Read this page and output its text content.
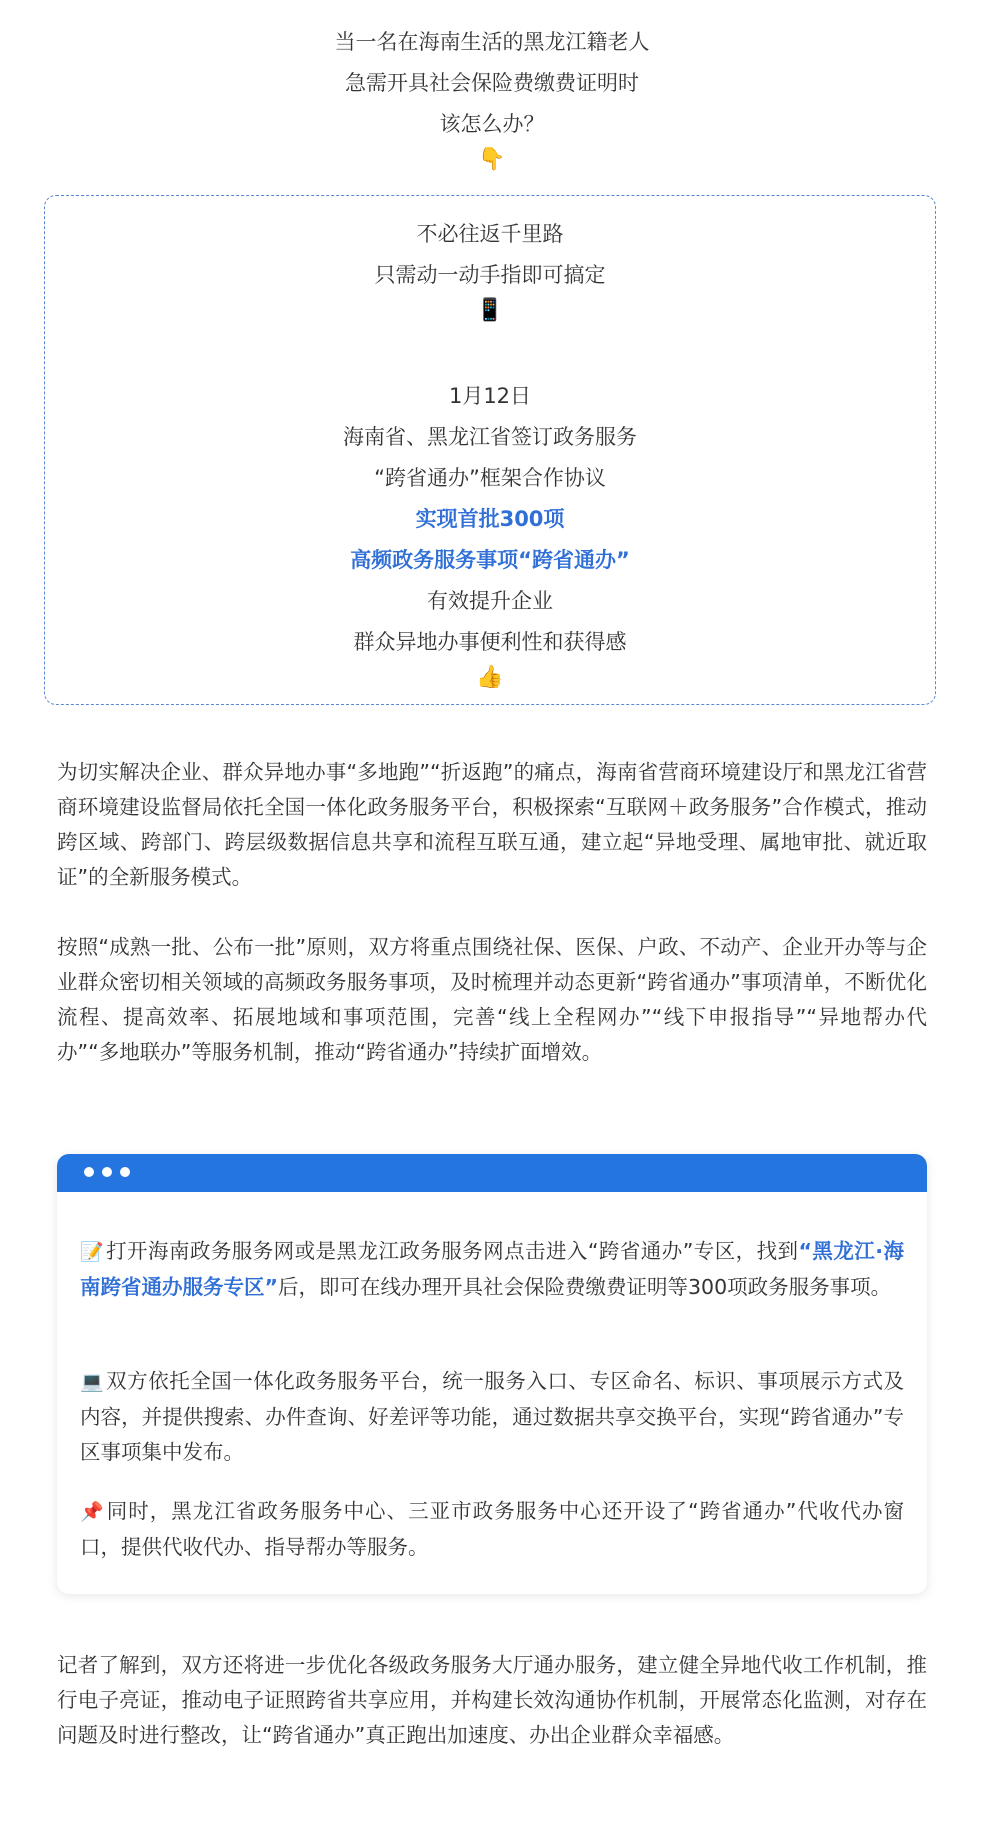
当一名在海南生活的黑龙江籍老人

急需开具社会保险费缴费证明时

该怎么办？

👇

不必往返千里路

只需动一动手指即可搞定

📱

1月12日

海南省、黑龙江省签订政务服务

“跨省通办”框架合作协议

实现首批300项

高频政务服务事项“跨省通办”

有效提升企业

群众异地办事便利性和获得感

👍

为切实解决企业、群众异地办事“多地跑”“折返跑”的痛点，海南省营商环境建设厅和黑龙江省营商环境建设监督局依托全国一体化政务服务平台，积极探索“互联网＋政务服务”合作模式，推动跨区域、跨部门、跨层级数据信息共享和流程互联互通，建立起“异地受理、属地审批、就近取证”的全新服务模式。

按照“成熟一批、公布一批”原则，双方将重点围绕社保、医保、户政、不动产、企业开办等与企业群众密切相关领域的高频政务服务事项，及时梳理并动态更新“跨省通办”事项清单，不断优化流程、提高效率、拓展地域和事项范围，完善“线上全程网办”“线下申报指导”“异地帮办代办”“多地联办”等服务机制，推动“跨省通办”持续扩面增效。

📝打开海南政务服务网或是黑龙江政务服务网点击进入“跨省通办”专区，找到“黑龙江·海南跨省通办服务专区”后，即可在线办理开具社会保险费缴费证明等300项政务服务事项。

💻双方依托全国一体化政务服务平台，统一服务入口、专区命名、标识、事项展示方式及内容，并提供搜索、办件查询、好差评等功能，通过数据共享交换平台，实现“跨省通办”专区事项集中发布。

📌同时，黑龙江省政务服务中心、三亚市政务服务中心还开设了“跨省通办”代收代办窗口，提供代收代办、指导帮办等服务。

记者了解到，双方还将进一步优化各级政务服务大厅通办服务，建立健全异地代收工作机制，推行电子亮证，推动电子证照跨省共享应用，并构建长效沟通协作机制，开展常态化监测，对存在问题及时进行整改，让“跨省通办”真正跑出加速度、办出企业群众幸福感。
